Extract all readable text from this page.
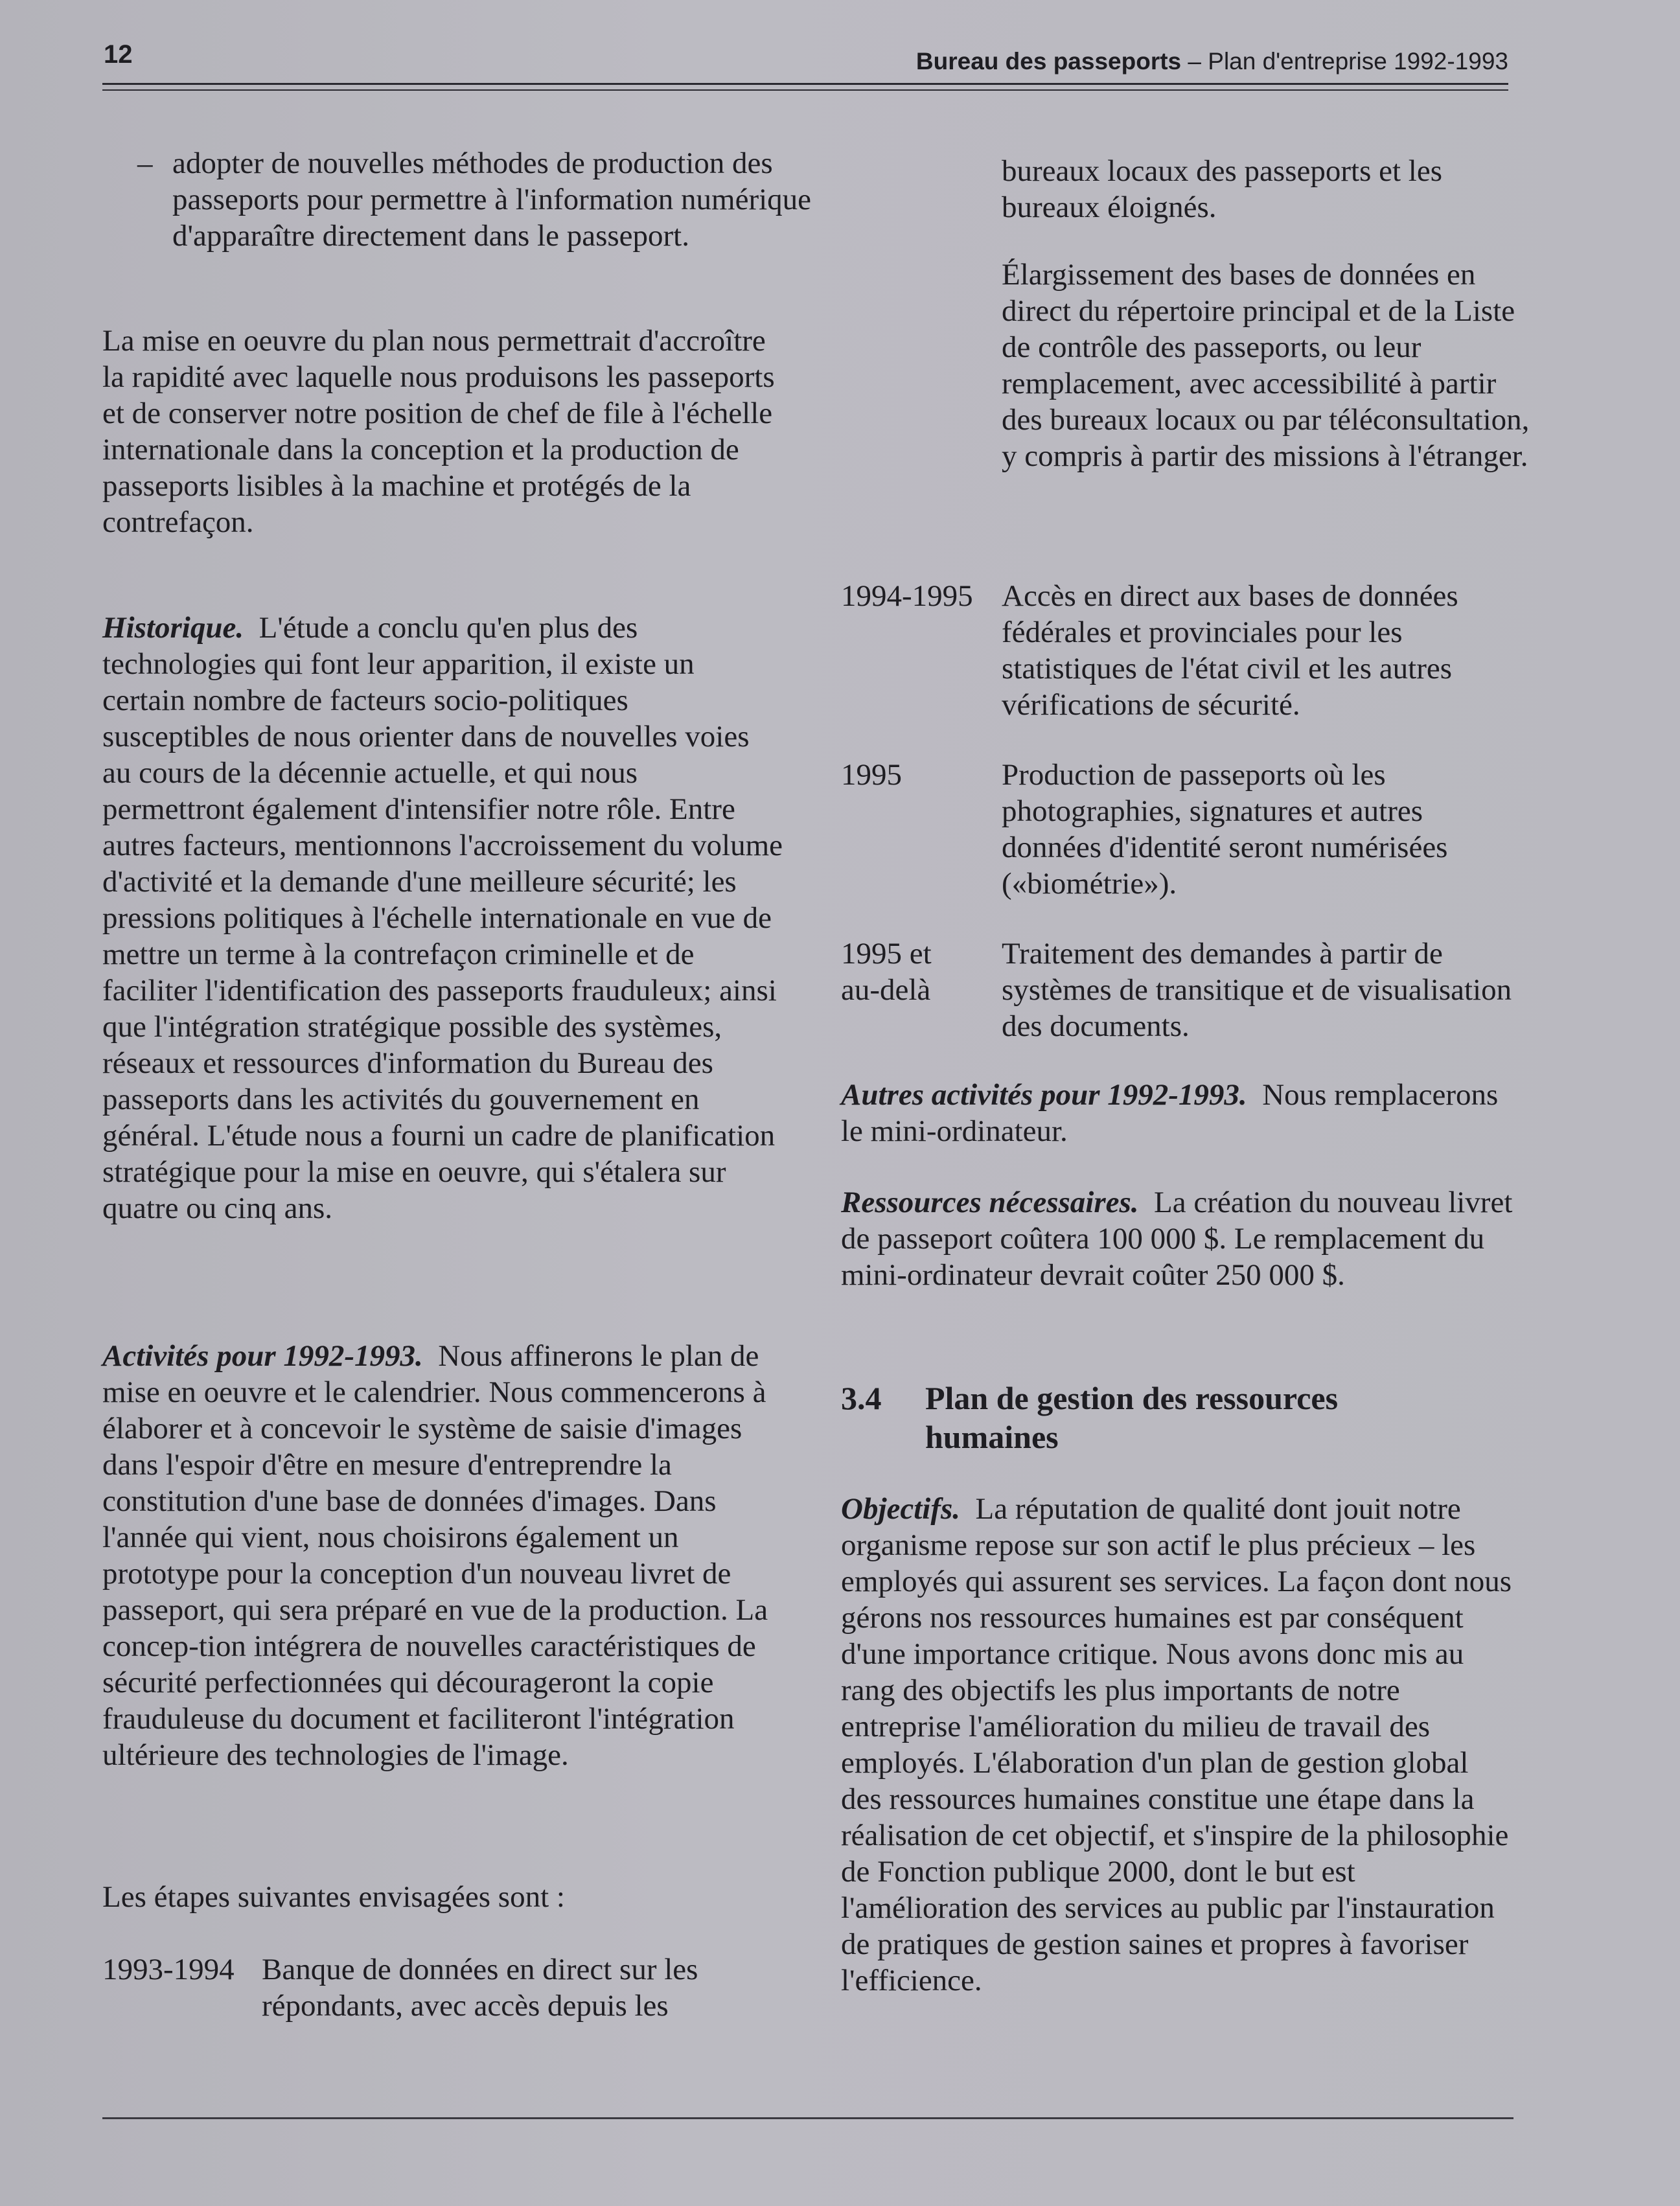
12	Bureau des passeports – Plan d'entreprise 1992-1993
– adopter de nouvelles méthodes de production des passeports pour permettre à l'information numérique d'apparaître directement dans le passeport.

La mise en oeuvre du plan nous permettrait d'accroître la rapidité avec laquelle nous produisons les passeports et de conserver notre position de chef de file à l'échelle internationale dans la conception et la production de passeports lisibles à la machine et protégés de la contrefaçon.

Historique. L'étude a conclu qu'en plus des technologies qui font leur apparition, il existe un certain nombre de facteurs socio-politiques susceptibles de nous orienter dans de nouvelles voies au cours de la décennie actuelle, et qui nous permettront également d'intensifier notre rôle. Entre autres facteurs, mentionnons l'accroissement du volume d'activité et la demande d'une meilleure sécurité; les pressions politiques à l'échelle internationale en vue de mettre un terme à la contrefaçon criminelle et de faciliter l'identification des passeports frauduleux; ainsi que l'intégration stratégique possible des systèmes, réseaux et ressources d'information du Bureau des passeports dans les activités du gouvernement en général. L'étude nous a fourni un cadre de planification stratégique pour la mise en oeuvre, qui s'étalera sur quatre ou cinq ans.

Activités pour 1992-1993. Nous affinerons le plan de mise en oeuvre et le calendrier. Nous commencerons à élaborer et à concevoir le système de saisie d'images dans l'espoir d'être en mesure d'entreprendre la constitution d'une base de données d'images. Dans l'année qui vient, nous choisirons également un prototype pour la conception d'un nouveau livret de passeport, qui sera préparé en vue de la production. La concep-tion intégrera de nouvelles caractéristiques de sécurité perfectionnées qui décourageront la copie frauduleuse du document et faciliteront l'intégration ultérieure des technologies de l'image.

Les étapes suivantes envisagées sont :

1993-1994 Banque de données en direct sur les répondants, avec accès depuis les

bureaux locaux des passeports et les bureaux éloignés.

Élargissement des bases de données en direct du répertoire principal et de la Liste de contrôle des passeports, ou leur remplacement, avec accessibilité à partir des bureaux locaux ou par téléconsultation, y compris à partir des missions à l'étranger.

1994-1995 Accès en direct aux bases de données fédérales et provinciales pour les statistiques de l'état civil et les autres vérifications de sécurité.

1995	Production de passeports où les photographies, signatures et autres données d'identité seront numérisées («biométrie»).

1995 et
au-delà

Traitement des demandes à partir de systèmes de transitique et de visualisation des documents.

Autres activités pour 1992-1993. Nous remplacerons le mini-ordinateur.

Ressources nécessaires. La création du nouveau livret de passeport coûtera 100 000 $. Le remplacement du mini-ordinateur devrait coûter 250 000 $.

3.4 Plan de gestion des ressources humaines

Objectifs. La réputation de qualité dont jouit notre organisme repose sur son actif le plus précieux – les employés qui assurent ses services. La façon dont nous gérons nos ressources humaines est par conséquent d'une importance critique. Nous avons donc mis au rang des objectifs les plus importants de notre entreprise l'amélioration du milieu de travail des employés. L'élaboration d'un plan de gestion global des ressources humaines constitue une étape dans la réalisation de cet objectif, et s'inspire de la philosophie de Fonction publique 2000, dont le but est l'amélioration des services au public par l'instauration de pratiques de gestion saines et propres à favoriser l'efficience.
